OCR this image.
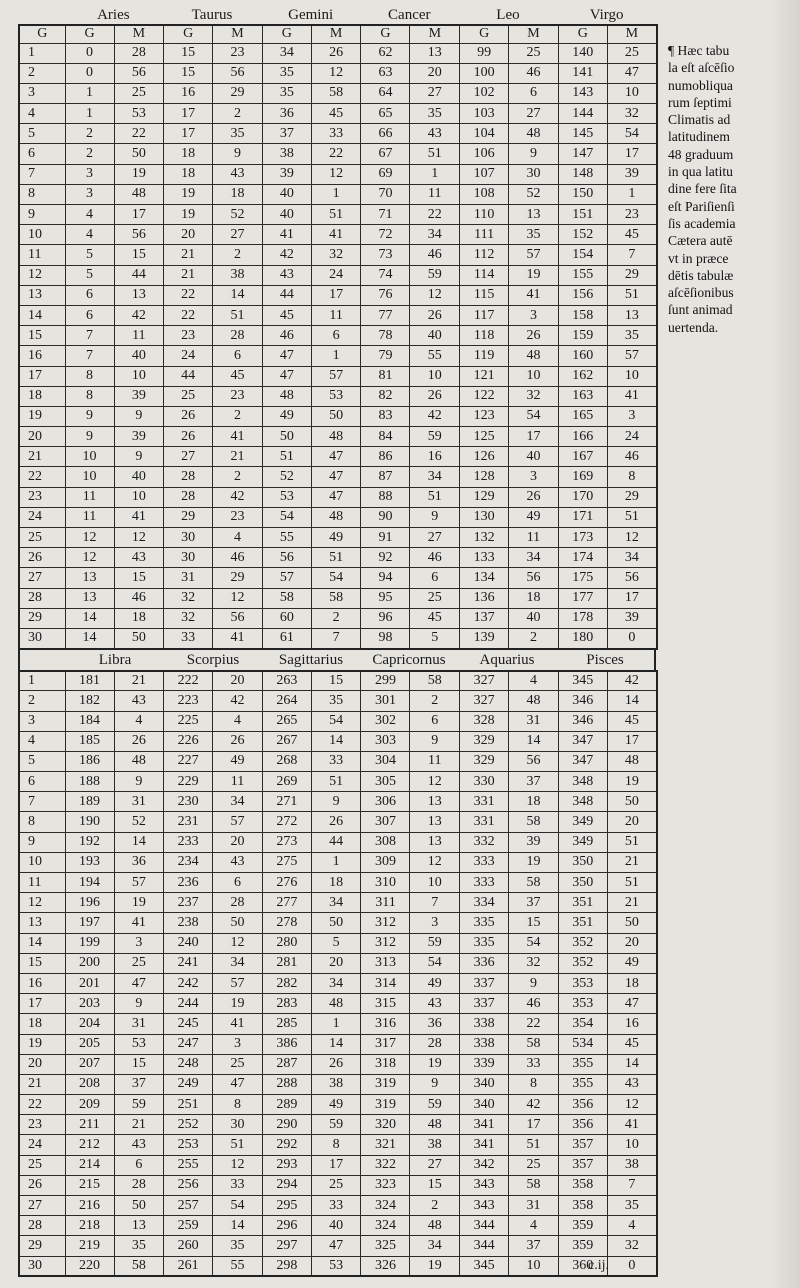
Aries	Taurus	Gemini	Cancer	Leo	Virgo
G	G	M	G	M	G	M	G	M	G	M	G	M
1	0	28	15	23	34	26	62	13	99	25	140	25
2	0	56	15	56	35	12	63	20	100	46	141	47
3	1	25	16	29	35	58	64	27	102	6	143	10
4	1	53	17	2	36	45	65	35	103	27	144	32
5	2	22	17	35	37	33	66	43	104	48	145	54
6	2	50	18	9	38	22	67	51	106	9	147	17
7	3	19	18	43	39	12	69	1	107	30	148	39
8	3	48	19	18	40	1	70	11	108	52	150	1
9	4	17	19	52	40	51	71	22	110	13	151	23
10	4	56	20	27	41	41	72	34	111	35	152	45
11	5	15	21	2	42	32	73	46	112	57	154	7
12	5	44	21	38	43	24	74	59	114	19	155	29
13	6	13	22	14	44	17	76	12	115	41	156	51
14	6	42	22	51	45	11	77	26	117	3	158	13
15	7	11	23	28	46	6	78	40	118	26	159	35
16	7	40	24	6	47	1	79	55	119	48	160	57
17	8	10	44	45	47	57	81	10	121	10	162	10
18	8	39	25	23	48	53	82	26	122	32	163	41
19	9	9	26	2	49	50	83	42	123	54	165	3
20	9	39	26	41	50	48	84	59	125	17	166	24
21	10	9	27	21	51	47	86	16	126	40	167	46
22	10	40	28	2	52	47	87	34	128	3	169	8
23	11	10	28	42	53	47	88	51	129	26	170	29
24	11	41	29	23	54	48	90	9	130	49	171	51
25	12	12	30	4	55	49	91	27	132	11	173	12
26	12	43	30	46	56	51	92	46	133	34	174	34
27	13	15	31	29	57	54	94	6	134	56	175	56
28	13	46	32	12	58	58	95	25	136	18	177	17
29	14	18	32	56	60	2	96	45	137	40	178	39
30	14	50	33	41	61	7	98	5	139	2	180	0
Libra	Scorpius	Sagittarius	Capricornus	Aquarius	Pisces
1	181	21	222	20	263	15	299	58	327	4	345	42
2	182	43	223	42	264	35	301	2	327	48	346	14
3	184	4	225	4	265	54	302	6	328	31	346	45
4	185	26	226	26	267	14	303	9	329	14	347	17
5	186	48	227	49	268	33	304	11	329	56	347	48
6	188	9	229	11	269	51	305	12	330	37	348	19
7	189	31	230	34	271	9	306	13	331	18	348	50
8	190	52	231	57	272	26	307	13	331	58	349	20
9	192	14	233	20	273	44	308	13	332	39	349	51
10	193	36	234	43	275	1	309	12	333	19	350	21
11	194	57	236	6	276	18	310	10	333	58	350	51
12	196	19	237	28	277	34	311	7	334	37	351	21
13	197	41	238	50	278	50	312	3	335	15	351	50
14	199	3	240	12	280	5	312	59	335	54	352	20
15	200	25	241	34	281	20	313	54	336	32	352	49
16	201	47	242	57	282	34	314	49	337	9	353	18
17	203	9	244	19	283	48	315	43	337	46	353	47
18	204	31	245	41	285	1	316	36	338	22	354	16
19	205	53	247	3	386	14	317	28	338	58	534	45
20	207	15	248	25	287	26	318	19	339	33	355	14
21	208	37	249	47	288	38	319	9	340	8	355	43
22	209	59	251	8	289	49	319	59	340	42	356	12
23	211	21	252	30	290	59	320	48	341	17	356	41
24	212	43	253	51	292	8	321	38	341	51	357	10
25	214	6	255	12	293	17	322	27	342	25	357	38
26	215	28	256	33	294	25	323	15	343	58	358	7
27	216	50	257	54	295	33	324	2	343	31	358	35
28	218	13	259	14	296	40	324	48	344	4	359	4
29	219	35	260	35	297	47	325	34	344	37	359	32
30	220	58	261	55	298	53	326	19	345	10	360	0
¶ Hæc tabu
la eſt aſcēſio
numobliqua
rum ſeptimi
Climatis ad
latitudinem
48 graduum
in qua latitu
dine fere ſita
eſt Pariſienſi
ſis academia
Cætera autē
vt in præce
dētis tabulæ
aſcēſionibus
ſunt animad
uertenda.
c.ij.
